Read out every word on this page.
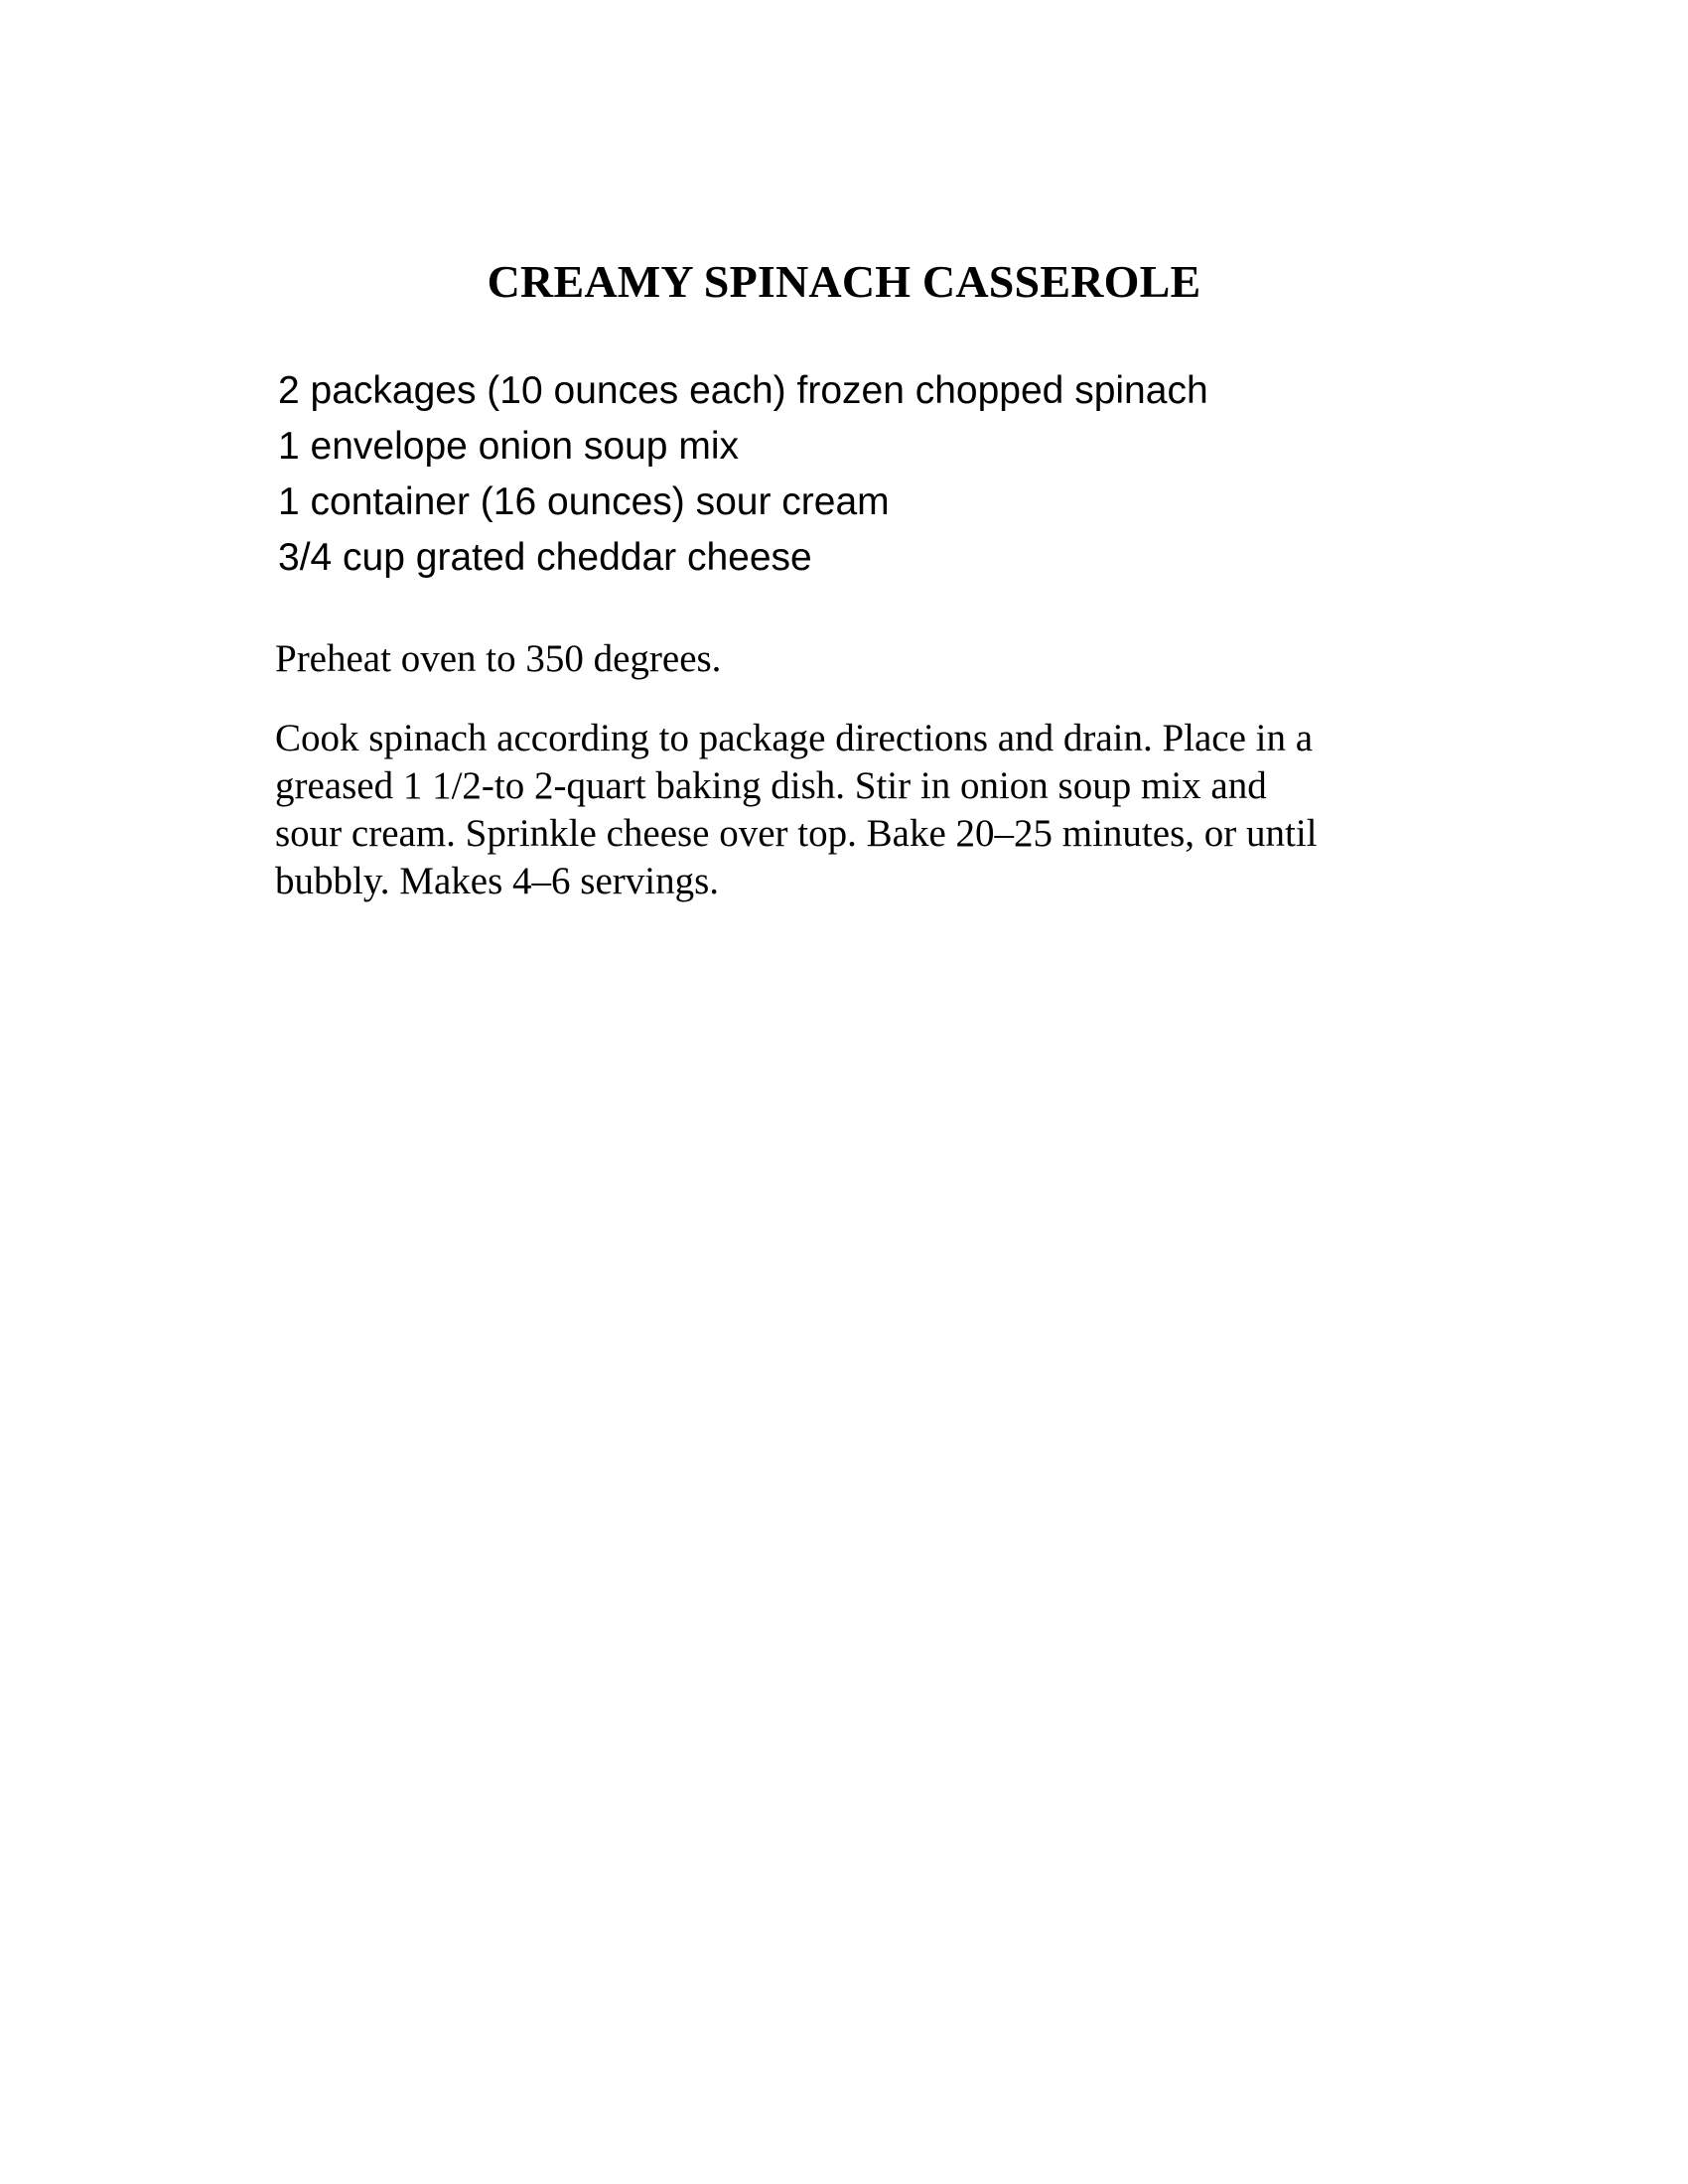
CREAMY SPINACH CASSEROLE
2 packages (10 ounces each) frozen chopped spinach
1 envelope onion soup mix
1 container (16 ounces) sour cream
3/4 cup grated cheddar cheese

Preheat oven to 350 degrees.

Cook spinach according to package directions and drain. Place in a
greased 1 1/2-to 2-quart baking dish. Stir in onion soup mix and
sour cream. Sprinkle cheese over top. Bake 20–25 minutes, or until
bubbly. Makes 4–6 servings.
